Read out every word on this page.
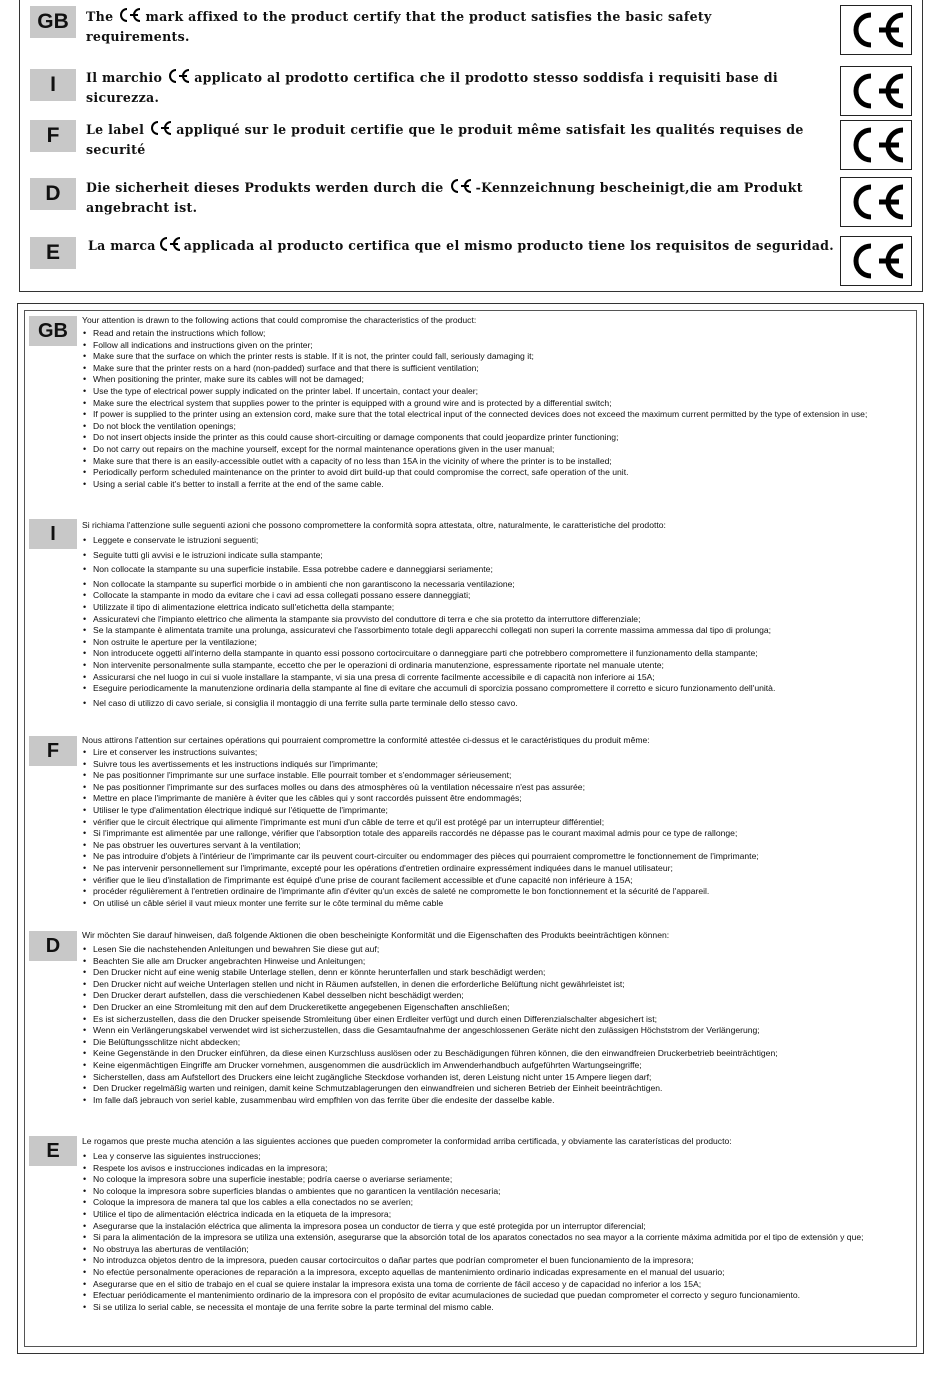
GB	The	mark affixed to the product certify that the product satisfies the basic safety requirements.
I	Il marchio	applicato al prodotto certifica che il prodotto stesso soddisfa i requisiti base di sicurezza.
F	Le label	appliqué sur le produit certifie que le produit même satisfait les qualités requises de securité
D	Die sicherheit dieses Produkts werden durch die	-Kennzeichnung bescheinigt,die am Produkt angebracht ist.
E	La marca applicada al producto certifica que el mismo producto tiene los requisitos de seguridad.
GB	Your attention is drawn to the following actions that could compromise the characteristics of the product:
• Read and retain the instructions which follow;
• Follow all indications and instructions given on the printer;
• Make sure that the surface on which the printer rests is stable. If it is not, the printer could fall, seriously damaging it;
• Make sure that the printer rests on a hard (non-padded) surface and that there is sufficient ventilation;
• When positioning the printer, make sure its cables will not be damaged;
• Use the type of electrical power supply indicated on the printer label. If uncertain, contact your dealer;
• Make sure the electrical system that supplies power to the printer is equipped with a ground wire and is protected by a differential switch;
• If power is supplied to the printer using an extension cord, make sure that the total electrical input of the connected devices does not exceed the maximum current permitted by the type of extension in use;
• Do not block the ventilation openings;
• Do not insert objects inside the printer as this could cause short-circuiting or damage components that could jeopardize printer functioning;
• Do not carry out repairs on the machine yourself, except for the normal maintenance operations given in the user manual;
• Make sure that there is an easily-accessible outlet with a capacity of no less than 15A in the vicinity of where the printer is to be installed;
• Periodically perform scheduled maintenance on the printer to avoid dirt build-up that could compromise the correct, safe operation of the unit.
• Using a serial cable it's better to install a ferrite at the end of the same cable.
I	Si richiama l'attenzione sulle seguenti azioni che possono compromettere la conformità sopra attestata, oltre, naturalmente, le caratteristiche del prodotto:
• Leggete e conservate le istruzioni seguenti;
• Seguite tutti gli avvisi e le istruzioni indicate sulla stampante;
• Non collocate la stampante su una superficie instabile. Essa potrebbe cadere e danneggiarsi seriamente;
• Non collocate la stampante su superfici morbide o in ambienti che non garantiscono la necessaria ventilazione;
• Collocate la stampante in modo da evitare che i cavi ad essa collegati possano essere danneggiati;
• Utilizzate il tipo di alimentazione elettrica indicato sull'etichetta della stampante;
• Assicuratevi che l'impianto elettrico che alimenta la stampante sia provvisto del conduttore di terra e che sia protetto da interruttore differenziale;
• Se la stampante è alimentata tramite una prolunga, assicuratevi che l'assorbimento totale degli apparecchi collegati non superi la corrente massima ammessa dal tipo di prolunga;
• Non ostruite le aperture per la ventilazione;
• Non introducete oggetti all'interno della stampante in quanto essi possono cortocircuitare o danneggiare parti che potrebbero compromettere il funzionamento della stampante;
• Non intervenite personalmente sulla stampante, eccetto che per le operazioni di ordinaria manutenzione, espressamente riportate nel manuale utente;
• Assicurarsi che nel luogo in cui si vuole installare la stampante, vi sia una presa di corrente facilmente accessibile e di capacità non inferiore ai 15A;
• Eseguire periodicamente la manutenzione ordinaria della stampante al fine di evitare che accumuli di sporcizia possano compromettere il corretto e sicuro funzionamento dell'unità.
• Nel caso di utilizzo di cavo seriale, si consiglia il montaggio di una ferrite sulla parte terminale dello stesso cavo.
F	Nous attirons l'attention sur certaines opérations qui pourraient compromettre la conformité attestée ci-dessus et le caractéristiques du produit même:
• Lire et conserver les instructions suivantes;
• Suivre tous les avertissements et les instructions indiqués sur l'imprimante;
• Ne pas positionner l'imprimante sur une surface instable. Elle pourrait tomber et s'endommager sérieusement;
• Ne pas positionner l'imprimante sur des surfaces molles ou dans des atmosphères où la ventilation nécessaire n'est pas assurée;
• Mettre en place l'imprimante de manière à éviter que les câbles qui y sont raccordés puissent être endommagés;
• Utiliser le type d'alimentation électrique indiqué sur l'étiquette de l'imprimante;
• vérifier que le circuit électrique qui alimente l'imprimante est muni d'un câble de terre et qu'il est protégé par un interrupteur différentiel;
• Si l'imprimante est alimentée par une rallonge, vérifier que l'absorption totale des appareils raccordés ne dépasse pas le courant maximal admis pour ce type de rallonge;
• Ne pas obstruer les ouvertures servant à la ventilation;
• Ne pas introduire d'objets à l'intérieur de l'imprimante car ils peuvent court-circuiter ou endommager des pièces qui pourraient compromettre le fonctionnement de l'imprimante;
• Ne pas intervenir personnellement sur l'imprimante, excepté pour les opérations d'entretien ordinaire expressément indiquées dans le manuel utilisateur;
• vérifier que le lieu d'installation de l'imprimante est équipé d'une prise de courant facilement accessible et d'une capacité non inférieure à 15A;
• procéder régulièrement à l'entretien ordinaire de l'imprimante afin d'éviter qu'un excès de saleté ne compromette le bon fonctionnement et la sécurité de l'appareil.
• On utilisé un câble sériel il vaut mieux monter une ferrite sur le côte terminal du même cable
D	Wir möchten Sie darauf hinweisen, daß folgende Aktionen die oben bescheinigte Konformität und die Eigenschaften des Produkts beeinträchtigen können:
• Lesen Sie die nachstehenden Anleitungen und bewahren Sie diese gut auf;
• Beachten Sie alle am Drucker angebrachten Hinweise und Anleitungen;
• Den Drucker nicht auf eine wenig stabile Unterlage stellen, denn er könnte herunterfallen und stark beschädigt werden;
• Den Drucker nicht auf weiche Unterlagen stellen und nicht in Räumen aufstellen, in denen die erforderliche Belüftung nicht gewährleistet ist;
• Den Drucker derart aufstellen, dass die verschiedenen Kabel desselben nicht beschädigt werden;
• Den Drucker an eine Stromleitung mit den auf dem Druckeretikette angegebenen Eigenschaften anschließen;
• Es ist sicherzustellen, dass die den Drucker speisende Stromleitung über einen Erdleiter verfügt und durch einen Differenzialschalter abgesichert ist;
• Wenn ein Verlängerungskabel verwendet wird ist sicherzustellen, dass die Gesamtaufnahme der angeschlossenen Geräte nicht den zulässigen Höchststrom der Verlängerung;
• Die Belüftungsschlitze nicht abdecken;
• Keine Gegenstände in den Drucker einführen, da diese einen Kurzschluss auslösen oder zu Beschädigungen führen können, die den einwandfreien Druckerbetrieb beeinträchtigen;
• Keine eigenmächtigen Eingriffe am Drucker vornehmen, ausgenommen die ausdrücklich im Anwenderhandbuch aufgeführten Wartungseingriffe;
• Sicherstellen, dass am Aufstellort des Druckers eine leicht zugängliche Steckdose vorhanden ist, deren Leistung nicht unter 15 Ampere liegen darf;
• Den Drucker regelmäßig warten und reinigen, damit keine Schmutzablagerungen den einwandfreien und sicheren Betrieb der Einheit beeinträchtigen.
• Im falle daß jebrauch von seriel kable, zusammenbau wird empfhlen von das ferrite über die endesite der dasselbe kable.
E	Le rogamos que preste mucha atención a las siguientes acciones que pueden comprometer la conformidad arriba certificada, y obviamente las caraterísticas del producto:
• Lea y conserve las siguientes instrucciones;
• Respete los avisos e instrucciones indicadas en la impresora;
• No coloque la impresora sobre una superficie inestable; podría caerse o averiarse seriamente;
• No coloque la impresora sobre superficies blandas o ambientes que no garanticen la ventilación necesaria;
• Coloque la impresora de manera tal que los cables a ella conectados no se averíen;
• Utilice el tipo de alimentación eléctrica indicada en la etiqueta de la impresora;
• Asegurarse que la instalación eléctrica que alimenta la impresora posea un conductor de tierra y que esté protegida por un interruptor diferencial;
• Si para la alimentación de la impresora se utiliza una extensión, asegurarse que la absorción total de los aparatos conectados no sea mayor a la corriente máxima admitida por el tipo de extensión y que;
• No obstruya las aberturas de ventilación;
• No introduzca objetos dentro de la impresora, pueden causar cortocircuitos o dañar partes que podrían comprometer el buen funcionamiento de la impresora;
• No efectúe personalmente operaciones de reparación a la impresora, excepto aquellas de mantenimiento ordinario indicadas expresamente en el manual del usuario;
• Asegurarse que en el sitio de trabajo en el cual se quiere instalar la impresora exista una toma de corriente de fácil acceso y de capacidad no inferior a los 15A;
• Efectuar periódicamente el mantenimiento ordinario de la impresora con el propósito de evitar acumulaciones de suciedad que puedan comprometer el correcto y seguro funcionamiento.
• Si se utiliza lo serial cable, se necessita el montaje de una ferrite sobre la parte terminal del mismo cable.
